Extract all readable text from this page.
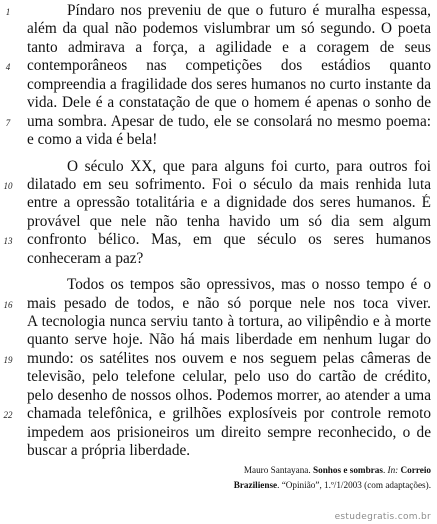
1	Píndaro nos preveniu de que o futuro é muralha espessa,
além da qual não podemos vislumbrar um só segundo. O poeta
tanto admirava a força, a agilidade e a coragem de seus
4	contemporâneos nas competições dos estádios quanto
compreendia a fragilidade dos seres humanos no curto instante da
vida. Dele é a constatação de que o homem é apenas o sonho de
7	uma sombra. Apesar de tudo, ele se consolará no mesmo poema:
e como a vida é bela!
O século XX, que para alguns foi curto, para outros foi
10 dilatado em seu sofrimento. Foi o século da mais renhida luta
entre a opressão totalitária e a dignidade dos seres humanos. É
provável que nele não tenha havido um só dia sem algum
13 confronto bélico. Mas, em que século os seres humanos
conheceram a paz?
Todos os tempos são opressivos, mas o nosso tempo é o
16 mais pesado de todos, e não só porque nele nos toca viver.
A tecnologia nunca serviu tanto à tortura, ao vilipêndio e à morte
quanto serve hoje. Não há mais liberdade em nenhum lugar do
19 mundo: os satélites nos ouvem e nos seguem pelas câmeras de
televisão, pelo telefone celular, pelo uso do cartão de crédito,
pelo desenho de nossos olhos. Podemos morrer, ao atender a uma
22 chamada telefônica, e grilhões explosíveis por controle remoto
impedem aos prisioneiros um direito sempre reconhecido, o de
buscar a própria liberdade.
Mauro Santayana. Sonhos e sombras. In: Correio Braziliense. “Opinião”, 1.º/1/2003 (com adaptações).
estudegratis.com.br
